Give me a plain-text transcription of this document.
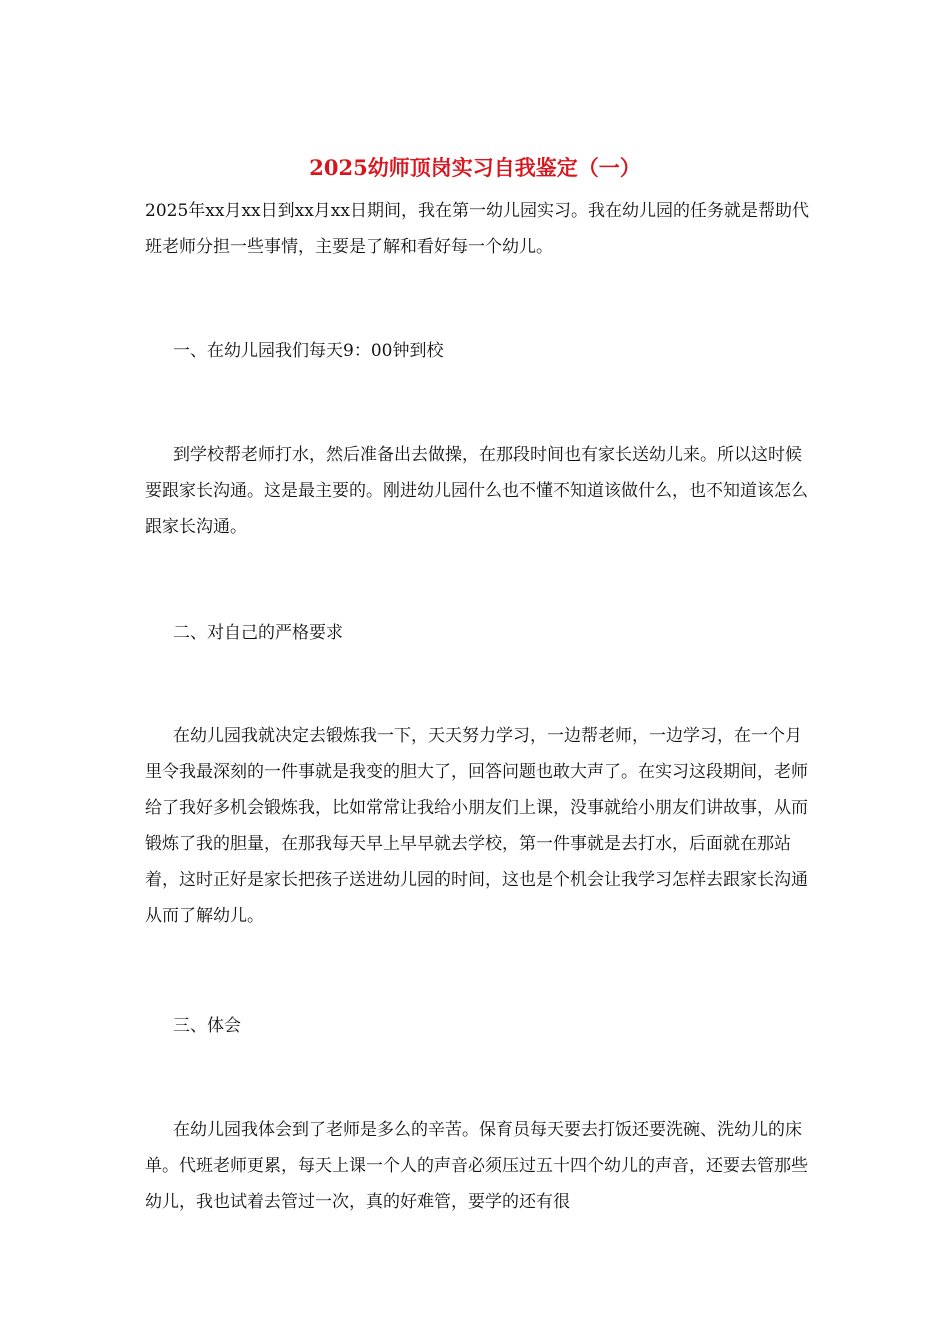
2025幼师顶岗实习自我鉴定（一）

2025年xx月xx日到xx月xx日期间，我在第一幼儿园实习。我在幼儿园的任务就是帮助代班老师分担一些事情，主要是了解和看好每一个幼儿。

一、在幼儿园我们每天9：00钟到校

到学校帮老师打水，然后准备出去做操，在那段时间也有家长送幼儿来。所以这时候要跟家长沟通。这是最主要的。刚进幼儿园什么也不懂不知道该做什么，也不知道该怎么跟家长沟通。

二、对自己的严格要求

在幼儿园我就决定去锻炼我一下，天天努力学习，一边帮老师，一边学习，在一个月里令我最深刻的一件事就是我变的胆大了，回答问题也敢大声了。在实习这段期间，老师给了我好多机会锻炼我，比如常常让我给小朋友们上课，没事就给小朋友们讲故事，从而锻炼了我的胆量，在那我每天早上早早就去学校，第一件事就是去打水，后面就在那站着，这时正好是家长把孩子送进幼儿园的时间，这也是个机会让我学习怎样去跟家长沟通从而了解幼儿。

三、体会

在幼儿园我体会到了老师是多么的辛苦。保育员每天要去打饭还要洗碗、洗幼儿的床单。代班老师更累，每天上课一个人的声音必须压过五十四个幼儿的声音，还要去管那些幼儿，我也试着去管过一次，真的好难管，要学的还有很
